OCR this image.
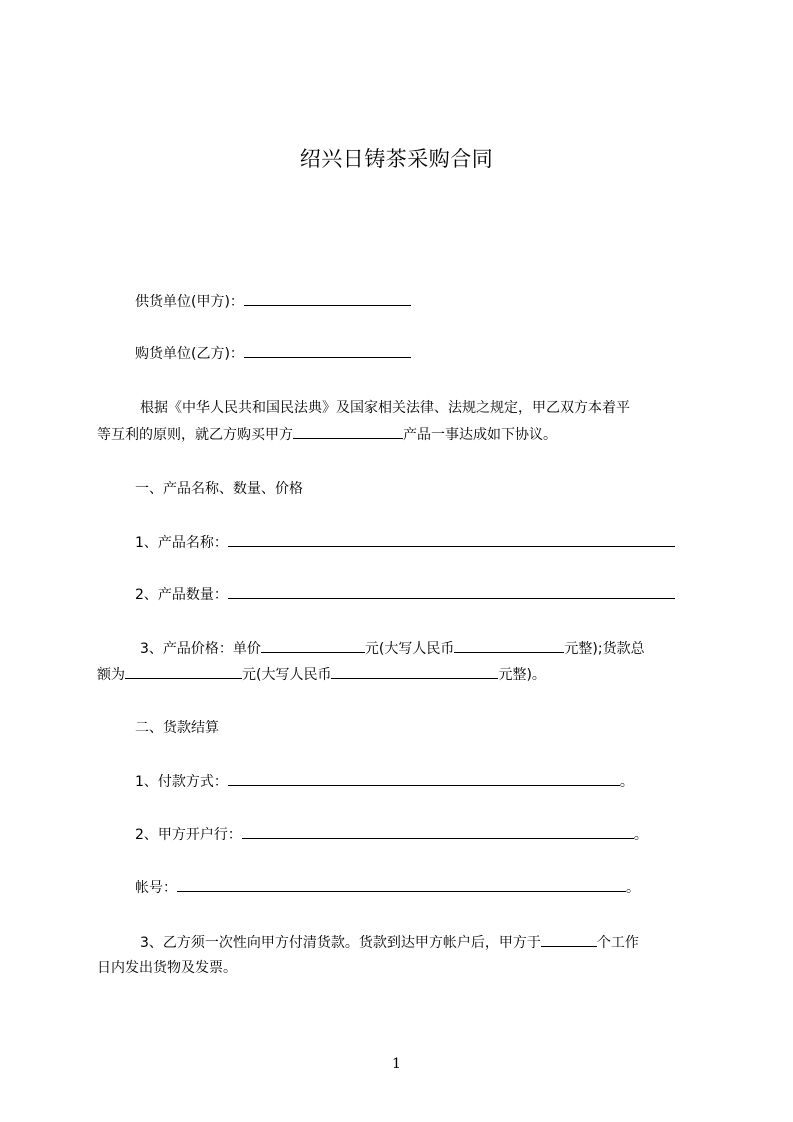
绍兴日铸茶采购合同
供货单位(甲方)：
购货单位(乙方)：
根据《中华人民共和国民法典》及国家相关法律、法规之规定，甲乙双方本着平
等互利的原则，就乙方购买甲方	产品一事达成如下协议。
一、产品名称、数量、价格
1、产品名称：
2、产品数量：
3、产品价格：单价	元(大写人民币	元整);货款总
额为	元(大写人民币	元整)。
二、货款结算
1、付款方式：	。
2、甲方开户行：	。
帐号：	。
3、乙方须一次性向甲方付清货款。货款到达甲方帐户后，甲方于	个工作
日内发出货物及发票。
1
